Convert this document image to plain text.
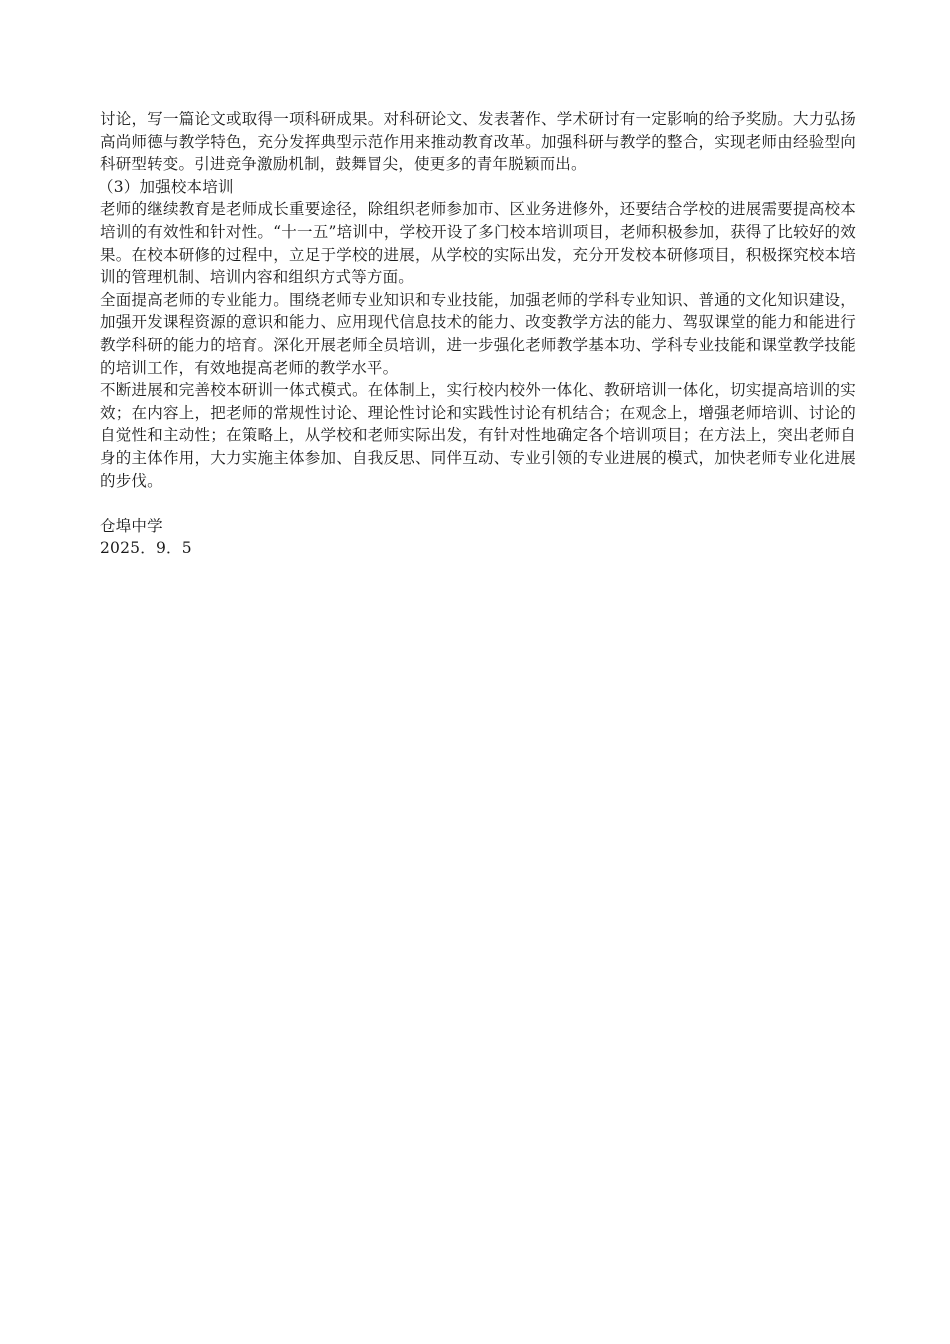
讨论，写一篇论文或取得一项科研成果。对科研论文、发表著作、学术研讨有一定影响的给予奖励。大力弘扬高尚师德与教学特色，充分发挥典型示范作用来推动教育改革。加强科研与教学的整合，实现老师由经验型向科研型转变。引进竞争激励机制，鼓舞冒尖，使更多的青年脱颖而出。

（3）加强校本培训

老师的继续教育是老师成长重要途径，除组织老师参加市、区业务进修外，还要结合学校的进展需要提高校本培训的有效性和针对性。“十一五”培训中，学校开设了多门校本培训项目，老师积极参加，获得了比较好的效果。在校本研修的过程中，立足于学校的进展，从学校的实际出发，充分开发校本研修项目，积极探究校本培训的管理机制、培训内容和组织方式等方面。

全面提高老师的专业能力。围绕老师专业知识和专业技能，加强老师的学科专业知识、普通的文化知识建设，加强开发课程资源的意识和能力、应用现代信息技术的能力、改变教学方法的能力、驾驭课堂的能力和能进行教学科研的能力的培育。深化开展老师全员培训，进一步强化老师教学基本功、学科专业技能和课堂教学技能的培训工作，有效地提高老师的教学水平。

不断进展和完善校本研训一体式模式。在体制上，实行校内校外一体化、教研培训一体化，切实提高培训的实效；在内容上，把老师的常规性讨论、理论性讨论和实践性讨论有机结合；在观念上，增强老师培训、讨论的自觉性和主动性；在策略上，从学校和老师实际出发，有针对性地确定各个培训项目；在方法上，突出老师自身的主体作用，大力实施主体参加、自我反思、同伴互动、专业引领的专业进展的模式，加快老师专业化进展的步伐。

仓埠中学

2025．9．5
